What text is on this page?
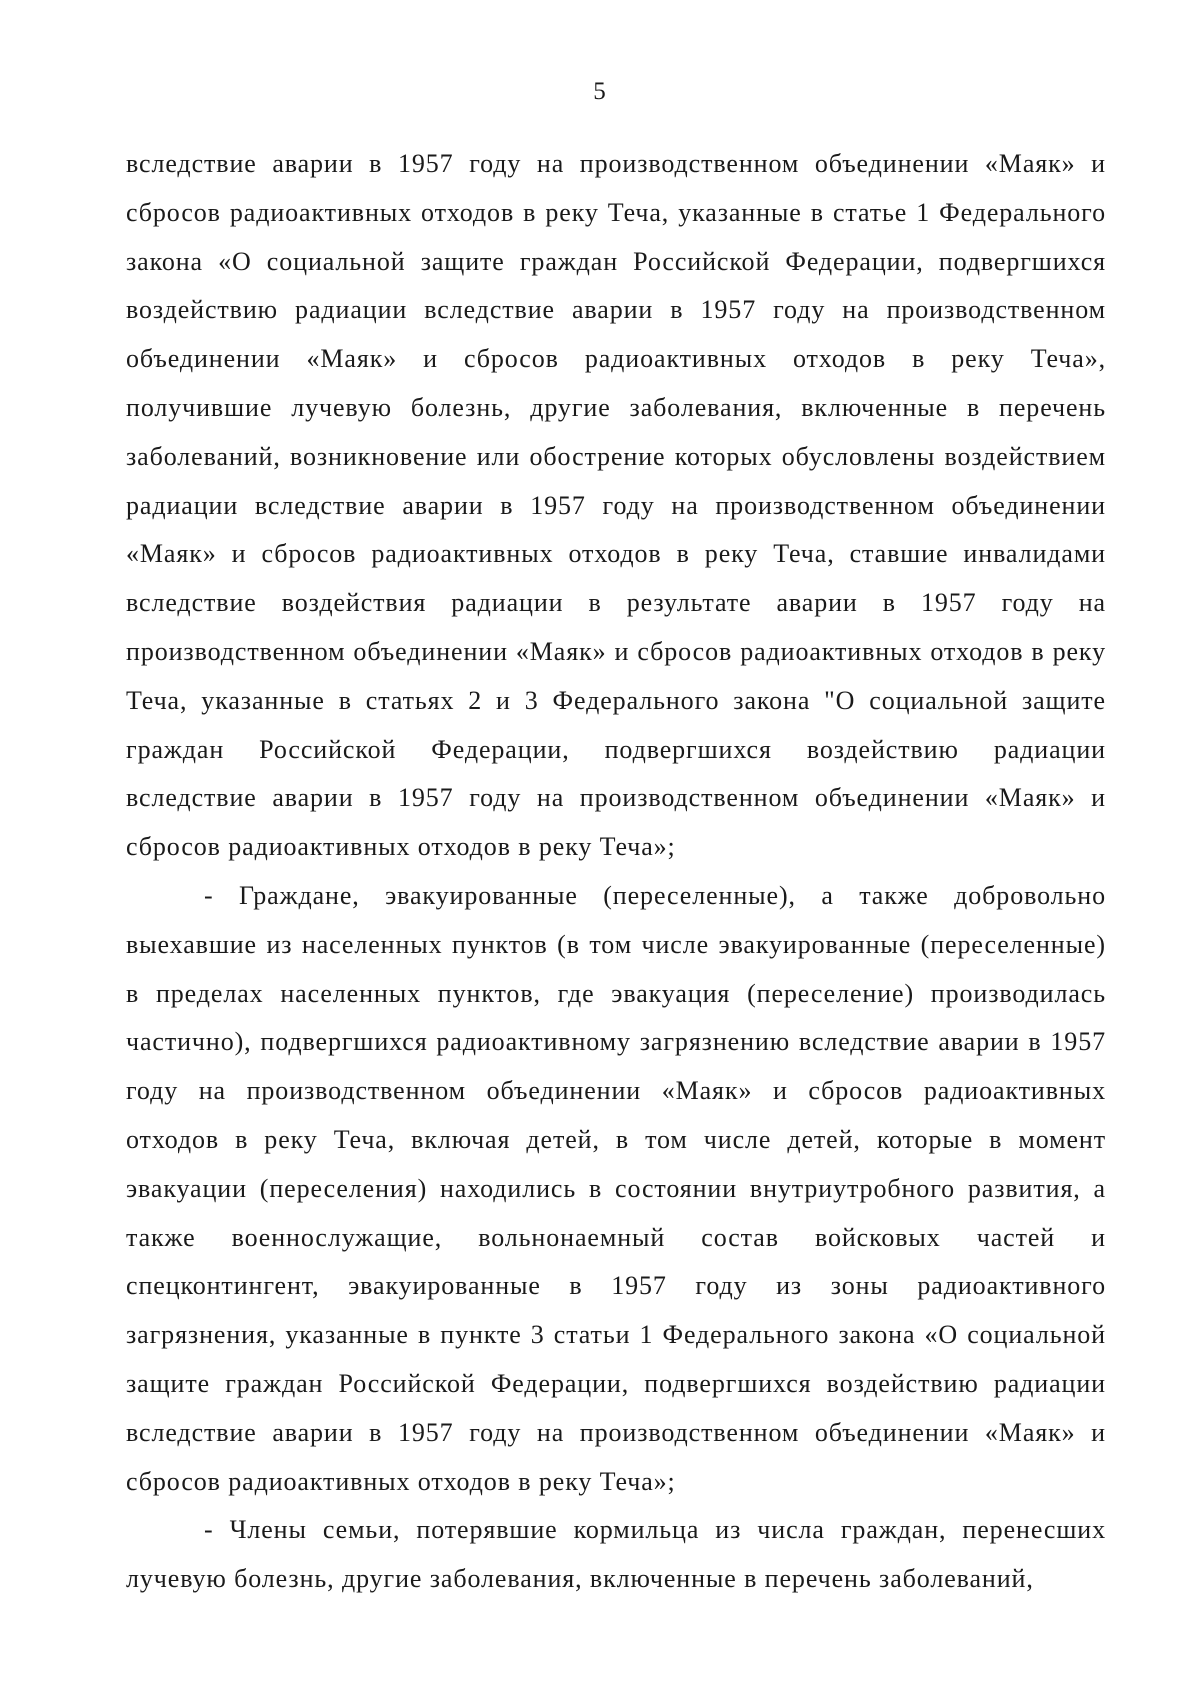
5

вследствие аварии в 1957 году на производственном объединении «Маяк» и сбросов радиоактивных отходов в реку Теча, указанные в статье 1 Федерального закона «О социальной защите граждан Российской Федерации, подвергшихся воздействию радиации вследствие аварии в 1957 году на производственном объединении «Маяк» и сбросов радиоактивных отходов в реку Теча», получившие лучевую болезнь, другие заболевания, включенные в перечень заболеваний, возникновение или обострение которых обусловлены воздействием радиации вследствие аварии в 1957 году на производственном объединении «Маяк» и сбросов радиоактивных отходов в реку Теча, ставшие инвалидами вследствие воздействия радиации в результате аварии в 1957 году на производственном объединении «Маяк» и сбросов радиоактивных отходов в реку Теча, указанные в статьях 2 и 3 Федерального закона "О социальной защите граждан Российской Федерации, подвергшихся воздействию радиации вследствие аварии в 1957 году на производственном объединении «Маяк» и сбросов радиоактивных отходов в реку Теча»;

- Граждане, эвакуированные (переселенные), а также добровольно выехавшие из населенных пунктов (в том числе эвакуированные (переселенные) в пределах населенных пунктов, где эвакуация (переселение) производилась частично), подвергшихся радиоактивному загрязнению вследствие аварии в 1957 году на производственном объединении «Маяк» и сбросов радиоактивных отходов в реку Теча, включая детей, в том числе детей, которые в момент эвакуации (переселения) находились в состоянии внутриутробного развития, а также военнослужащие, вольнонаемный состав войсковых частей и спецконтингент, эвакуированные в 1957 году из зоны радиоактивного загрязнения, указанные в пункте 3 статьи 1 Федерального закона «О социальной защите граждан Российской Федерации, подвергшихся воздействию радиации вследствие аварии в 1957 году на производственном объединении «Маяк» и сбросов радиоактивных отходов в реку Теча»;

- Члены семьи, потерявшие кормильца из числа граждан, перенесших лучевую болезнь, другие заболевания, включенные в перечень заболеваний,
